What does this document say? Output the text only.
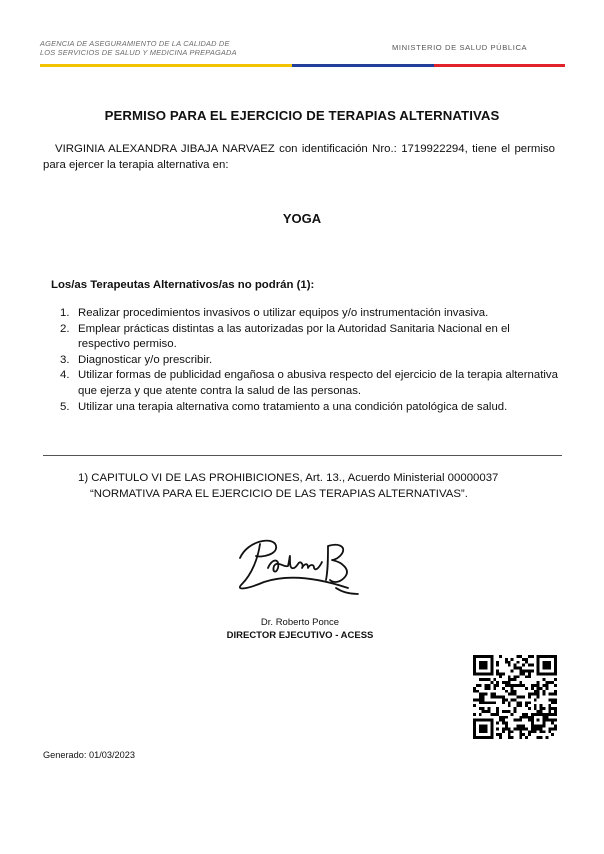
AGENCIA DE ASEGURAMIENTO DE LA CALIDAD DE
LOS SERVICIOS DE SALUD Y MEDICINA PREPAGADA
MINISTERIO DE SALUD PÚBLICA
PERMISO PARA EL EJERCICIO DE TERAPIAS ALTERNATIVAS
VIRGINIA ALEXANDRA JIBAJA NARVAEZ con identificación Nro.: 1719922294, tiene el permiso para ejercer la terapia alternativa en:
YOGA
Los/as Terapeutas Alternativos/as no podrán (1):
1. Realizar procedimientos invasivos o utilizar equipos y/o instrumentación invasiva.
2. Emplear prácticas distintas a las autorizadas por la Autoridad Sanitaria Nacional en el respectivo permiso.
3. Diagnosticar y/o prescribir.
4. Utilizar formas de publicidad engañosa o abusiva respecto del ejercicio de la terapia alternativa que ejerza y que atente contra la salud de las personas.
5. Utilizar una terapia alternativa como tratamiento a una condición patológica de salud.
1) CAPITULO VI DE LAS PROHIBICIONES, Art. 13., Acuerdo Ministerial 00000037
“NORMATIVA PARA EL EJERCICIO DE LAS TERAPIAS ALTERNATIVAS”.
Dr. Roberto Ponce
DIRECTOR EJECUTIVO - ACESS
Generado: 01/03/2023
